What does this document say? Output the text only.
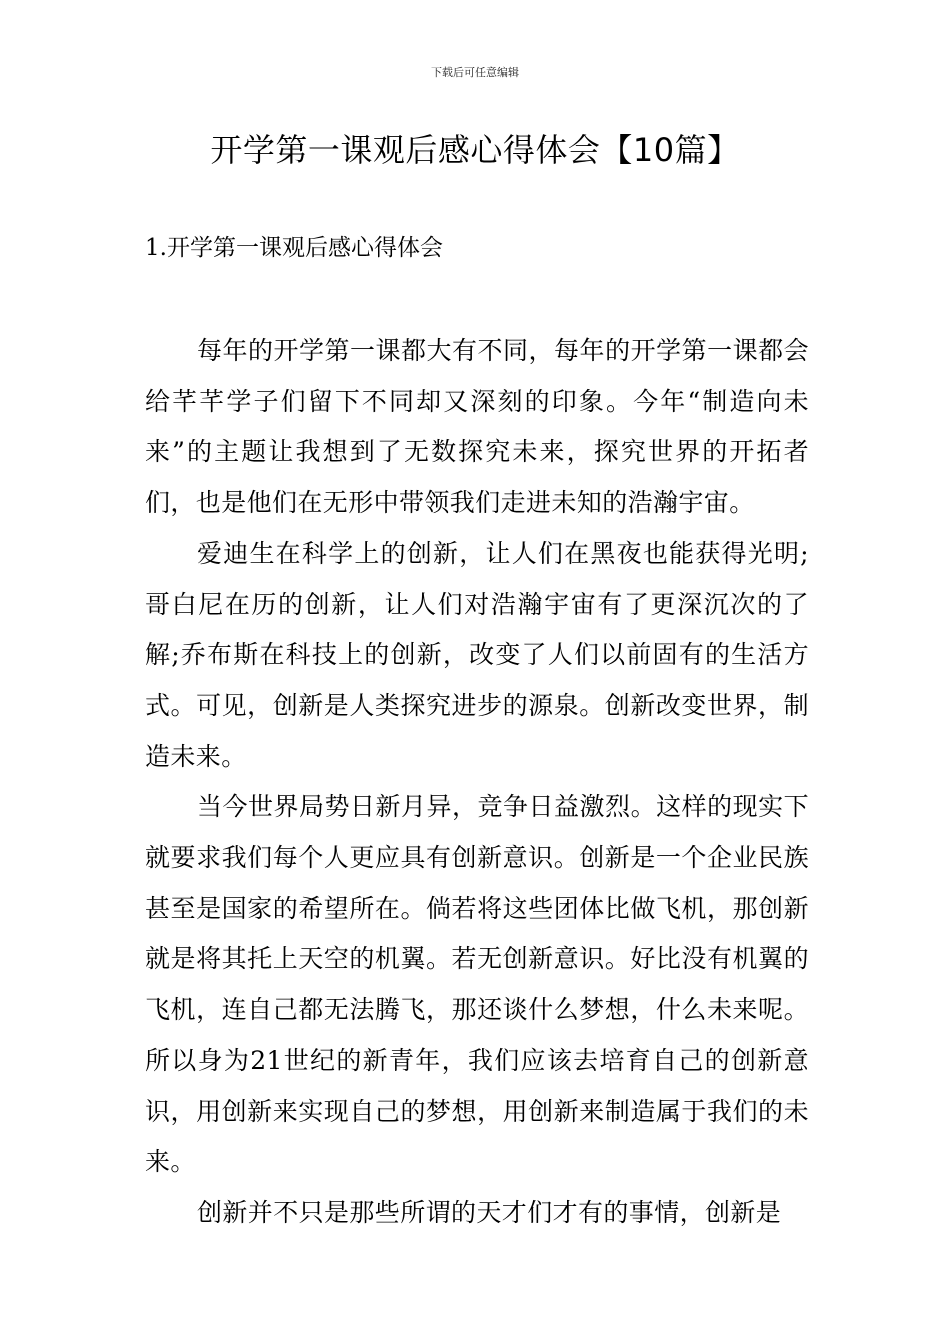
下载后可任意编辑
开学第一课观后感心得体会【10篇】
1.开学第一课观后感心得体会

每年的开学第一课都大有不同，每年的开学第一课都会给芊芊学子们留下不同却又深刻的印象。今年“制造向未来”的主题让我想到了无数探究未来，探究世界的开拓者们，也是他们在无形中带领我们走进未知的浩瀚宇宙。

爱迪生在科学上的创新，让人们在黑夜也能获得光明;哥白尼在历的创新，让人们对浩瀚宇宙有了更深沉次的了解;乔布斯在科技上的创新，改变了人们以前固有的生活方式。可见，创新是人类探究进步的源泉。创新改变世界，制造未来。

当今世界局势日新月异，竞争日益激烈。这样的现实下就要求我们每个人更应具有创新意识。创新是一个企业民族甚至是国家的希望所在。倘若将这些团体比做飞机，那创新就是将其托上天空的机翼。若无创新意识。好比没有机翼的飞机，连自己都无法腾飞，那还谈什么梦想，什么未来呢。所以身为21世纪的新青年，我们应该去培育自己的创新意识，用创新来实现自己的梦想，用创新来制造属于我们的未来。

创新并不只是那些所谓的天才们才有的事情，创新是
